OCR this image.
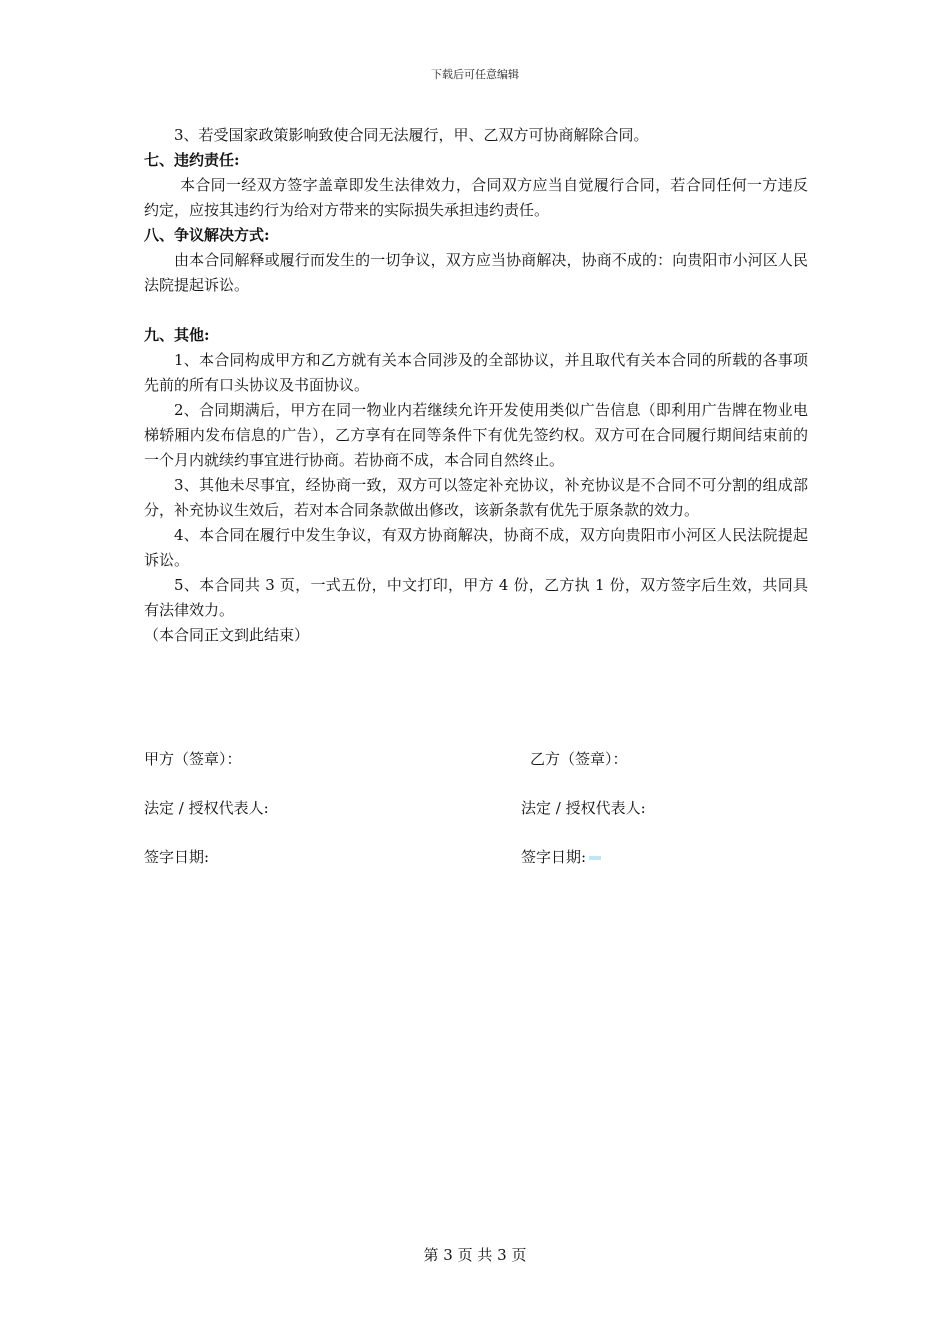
下载后可任意编辑

3、若受国家政策影响致使合同无法履行，甲、乙双方可协商解除合同。

七、违约责任:

本合同一经双方签字盖章即发生法律效力，合同双方应当自觉履行合同，若合同任何一方违反约定，应按其违约行为给对方带来的实际损失承担违约责任。

八、争议解决方式:

由本合同解释或履行而发生的一切争议，双方应当协商解决，协商不成的：向贵阳市小河区人民法院提起诉讼。

九、其他:

1、本合同构成甲方和乙方就有关本合同涉及的全部协议，并且取代有关本合同的所载的各事项先前的所有口头协议及书面协议。

2、合同期满后，甲方在同一物业内若继续允许开发使用类似广告信息（即利用广告牌在物业电梯轿厢内发布信息的广告），乙方享有在同等条件下有优先签约权。双方可在合同履行期间结束前的一个月内就续约事宜进行协商。若协商不成，本合同自然终止。

3、其他未尽事宜，经协商一致，双方可以签定补充协议，补充协议是不合同不可分割的组成部分，补充协议生效后，若对本合同条款做出修改，该新条款有优先于原条款的效力。

4、本合同在履行中发生争议，有双方协商解决，协商不成，双方向贵阳市小河区人民法院提起诉讼。

5、本合同共 3 页，一式五份，中文打印，甲方 4 份，乙方执 1 份，双方签字后生效，共同具有法律效力。

（本合同正文到此结束）

甲方（签章）：	乙方（签章）：
法定 / 授权代表人:	法定 / 授权代表人:
签字日期:	签字日期:
第 3 页 共 3 页
